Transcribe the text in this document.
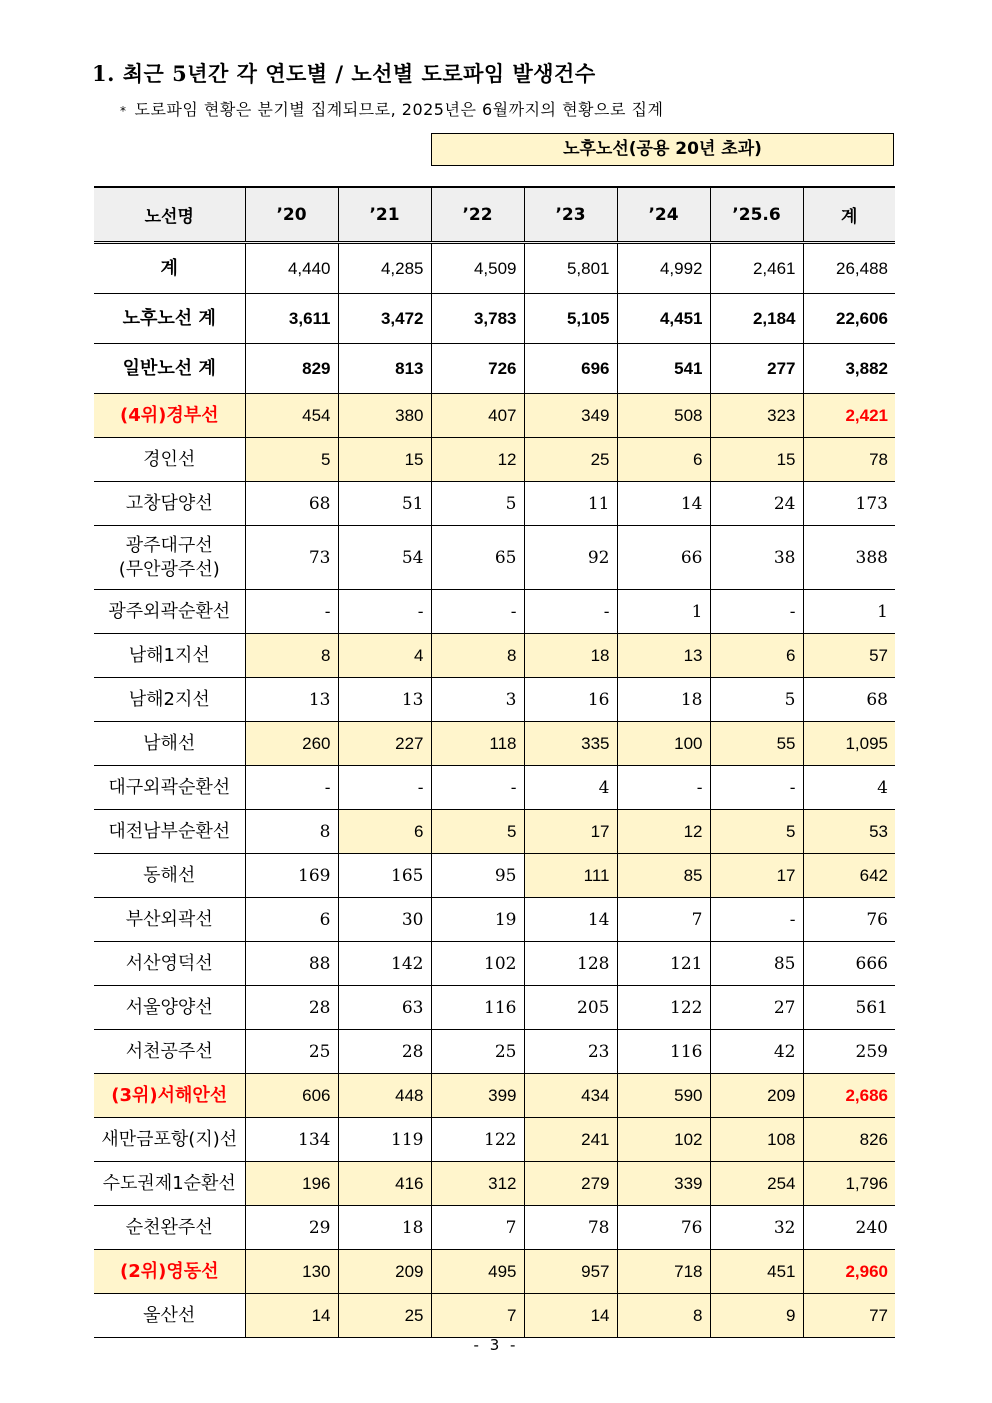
1. 최근 5년간 각 연도별 / 노선별 도로파임 발생건수
* 도로파임 현황은 분기별 집계되므로, 2025년은 6월까지의 현황으로 집계
노후노선(공용 20년 초과)
노선명	’20	’21	’22	’23	’24	’25.6	계
계	4,440	4,285	4,509	5,801	4,992	2,461	26,488
노후노선 계	3,611	3,472	3,783	5,105	4,451	2,184	22,606
일반노선 계	829	813	726	696	541	277	3,882
(4위)경부선	454	380	407	349	508	323	2,421
경인선	5	15	12	25	6	15	78
고창담양선	68	51	5	11	14	24	173
광주대구선
(무안광주선)	73	54	65	92	66	38	388
광주외곽순환선	-	-	-	-	1	-	1
남해1지선	8	4	8	18	13	6	57
남해2지선	13	13	3	16	18	5	68
남해선	260	227	118	335	100	55	1,095
대구외곽순환선	-	-	-	4	-	-	4
대전남부순환선	8	6	5	17	12	5	53
동해선	169	165	95	111	85	17	642
부산외곽선	6	30	19	14	7	-	76
서산영덕선	88	142	102	128	121	85	666
서울양양선	28	63	116	205	122	27	561
서천공주선	25	28	25	23	116	42	259
(3위)서해안선	606	448	399	434	590	209	2,686
새만금포항(지)선	134	119	122	241	102	108	826
수도권제1순환선	196	416	312	279	339	254	1,796
순천완주선	29	18	7	78	76	32	240
(2위)영동선	130	209	495	957	718	451	2,960
울산선	14	25	7	14	8	9	77
- 3 -
